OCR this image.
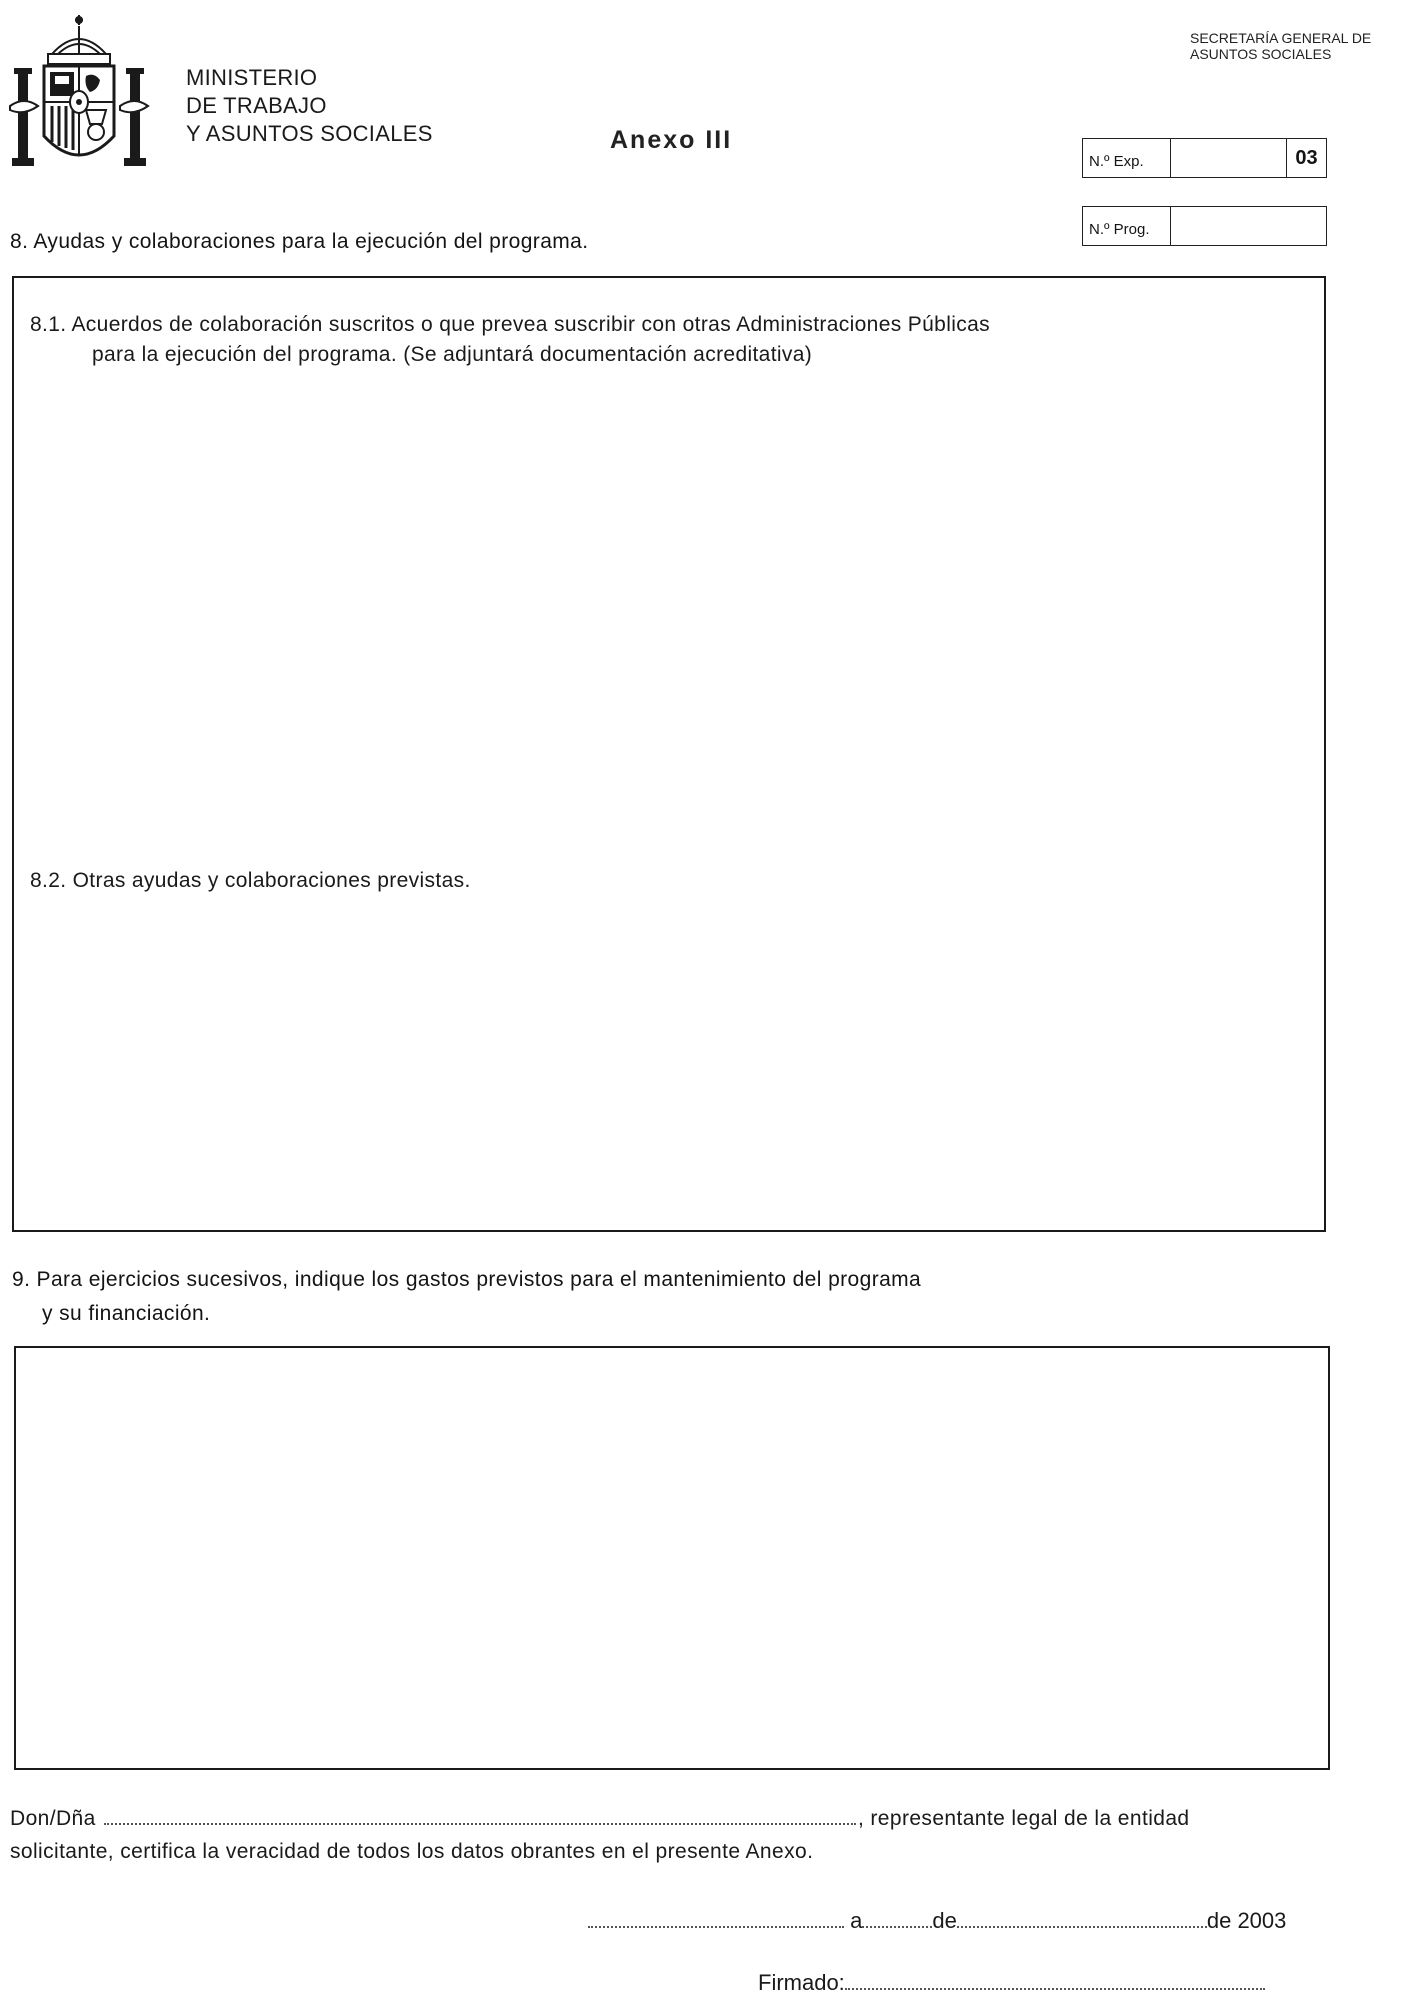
MINISTERIO
DE TRABAJO
Y ASUNTOS SOCIALES	Anexo III
SECRETARÍA GENERAL DE
ASUNTOS SOCIALES
N.º Exp.	03
N.º Prog.
8. Ayudas y colaboraciones para la ejecución del programa.
8.1. Acuerdos de colaboración suscritos o que prevea suscribir con otras Administraciones Públicas
para la ejecución del programa. (Se adjuntará documentación acreditativa)
8.2. Otras ayudas y colaboraciones previstas.
9. Para ejercicios sucesivos, indique los gastos previstos para el mantenimiento del programa
y su financiación.
Don/Dña	, representante legal de la entidad
solicitante, certifica la veracidad de todos los datos obrantes en el presente Anexo.
a	de	de 2003
Firmado:
